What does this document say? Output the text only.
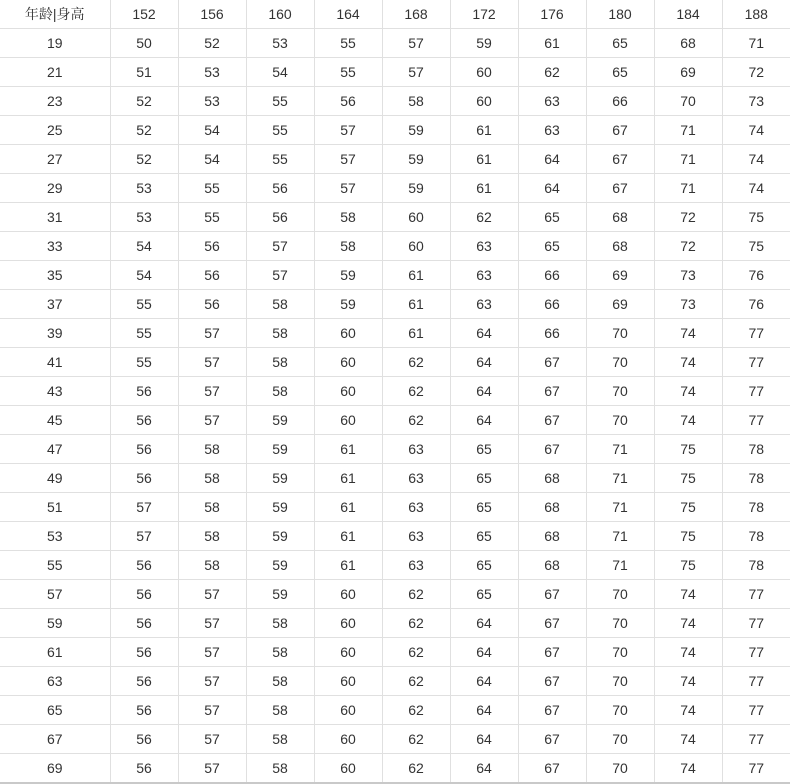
年龄|身高	152	156	160	164	168	172	176	180	184	188
19	50	52	53	55	57	59	61	65	68	71
21	51	53	54	55	57	60	62	65	69	72
23	52	53	55	56	58	60	63	66	70	73
25	52	54	55	57	59	61	63	67	71	74
27	52	54	55	57	59	61	64	67	71	74
29	53	55	56	57	59	61	64	67	71	74
31	53	55	56	58	60	62	65	68	72	75
33	54	56	57	58	60	63	65	68	72	75
35	54	56	57	59	61	63	66	69	73	76
37	55	56	58	59	61	63	66	69	73	76
39	55	57	58	60	61	64	66	70	74	77
41	55	57	58	60	62	64	67	70	74	77
43	56	57	58	60	62	64	67	70	74	77
45	56	57	59	60	62	64	67	70	74	77
47	56	58	59	61	63	65	67	71	75	78
49	56	58	59	61	63	65	68	71	75	78
51	57	58	59	61	63	65	68	71	75	78
53	57	58	59	61	63	65	68	71	75	78
55	56	58	59	61	63	65	68	71	75	78
57	56	57	59	60	62	65	67	70	74	77
59	56	57	58	60	62	64	67	70	74	77
61	56	57	58	60	62	64	67	70	74	77
63	56	57	58	60	62	64	67	70	74	77
65	56	57	58	60	62	64	67	70	74	77
67	56	57	58	60	62	64	67	70	74	77
69	56	57	58	60	62	64	67	70	74	77
